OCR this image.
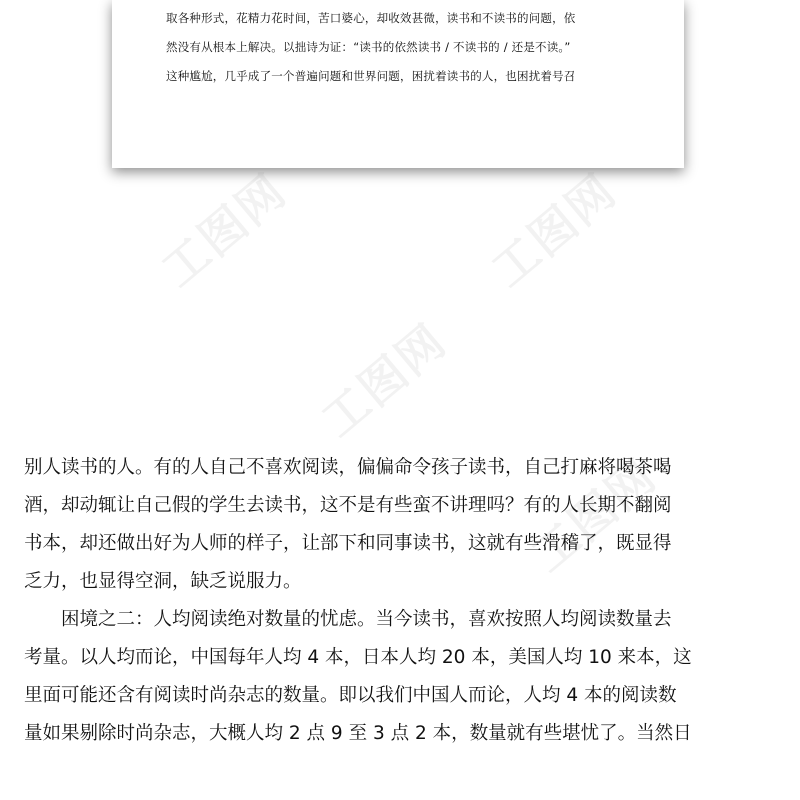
工图网	工图网
工图网
工图网
取各种形式，花精力花时间，苦口婆心，却收效甚微，读书和不读书的问题，依
然没有从根本上解决。以拙诗为证：“读书的依然读书 / 不读书的 / 还是不读。”
这种尴尬，几乎成了一个普遍问题和世界问题，困扰着读书的人，也困扰着号召
别人读书的人。有的人自己不喜欢阅读，偏偏命令孩子读书，自己打麻将喝茶喝
酒，却动辄让自己假的学生去读书，这不是有些蛮不讲理吗？有的人长期不翻阅
书本，却还做出好为人师的样子，让部下和同事读书，这就有些滑稽了，既显得
乏力，也显得空洞，缺乏说服力。
　　困境之二：人均阅读绝对数量的忧虑。当今读书，喜欢按照人均阅读数量去
考量。以人均而论，中国每年人均 4 本，日本人均 20 本，美国人均 10 来本，这
里面可能还含有阅读时尚杂志的数量。即以我们中国人而论，人均 4 本的阅读数
量如果剔除时尚杂志，大概人均 2 点 9 至 3 点 2 本，数量就有些堪忧了。当然日
